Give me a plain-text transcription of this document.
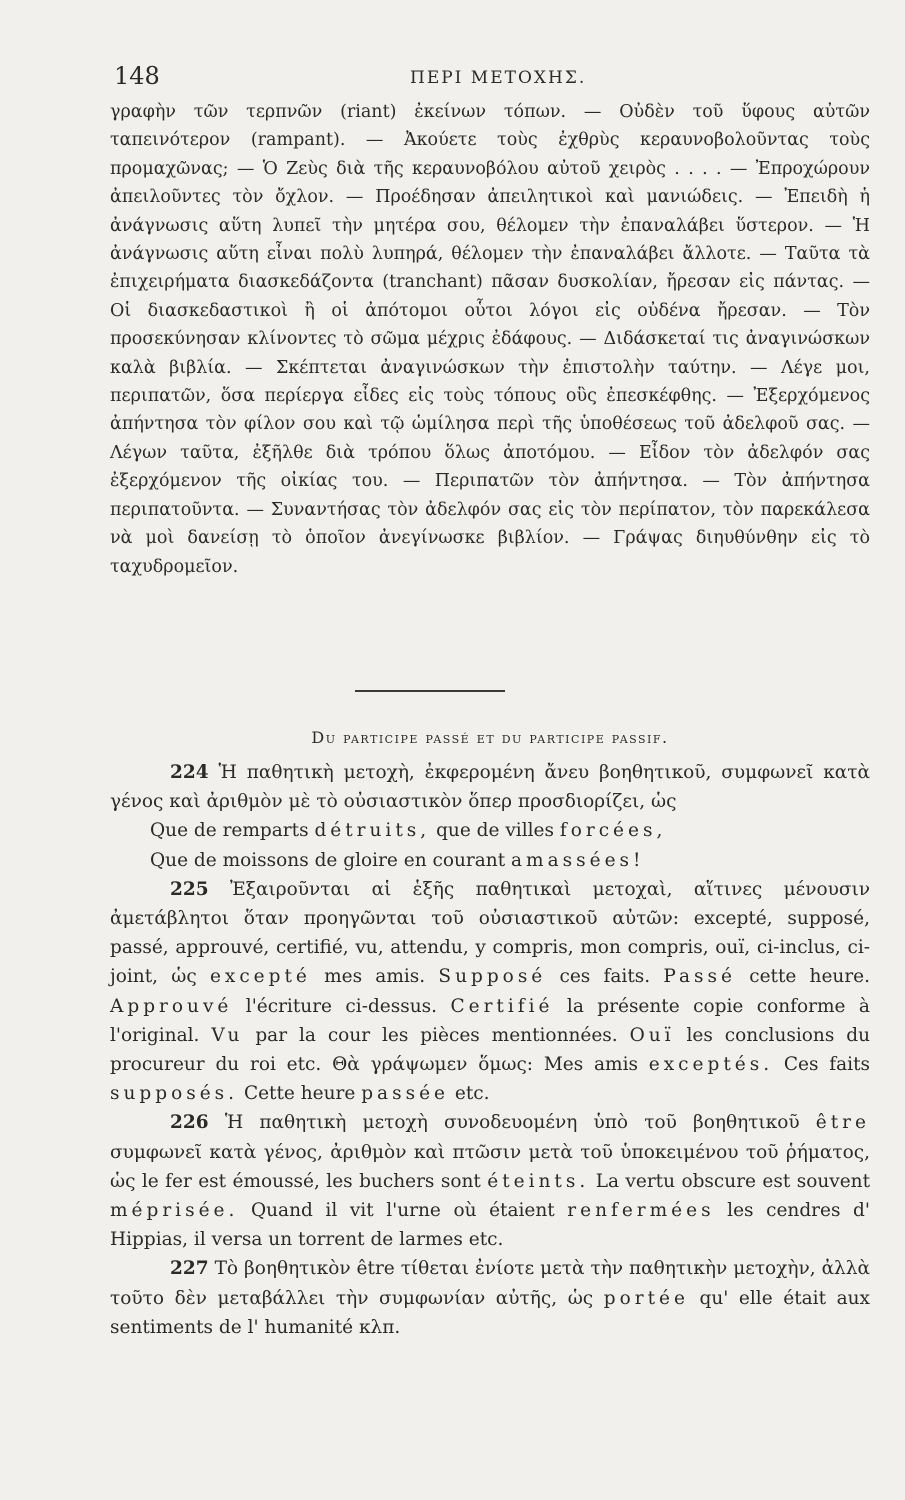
148	ΠΕΡΙ ΜΕΤΟΧΗΣ.

γραφὴν τῶν τερπνῶν (riant) ἐκείνων τόπων. — Οὐδὲν τοῦ ὕφους αὐτῶν ταπεινότερον (rampant). — Ἀκούετε τοὺς ἐχθρὺς κεραυνοβολοῦντας τοὺς προμαχῶνας; — Ὁ Ζεὺς διὰ τῆς κεραυνοβόλου αὐτοῦ χειρὸς . . . . — Ἐπροχώρουν ἀπειλοῦντες τὸν ὄχλον. — Προέδησαν ἀπειλητικοὶ καὶ μανιώδεις. — Ἐπειδὴ ἡ ἀνάγνωσις αὕτη λυπεῖ τὴν μητέρα σου, θέλομεν τὴν ἐπαναλάβει ὕστερον. — Ἡ ἀνάγνωσις αὕτη εἶναι πολὺ λυπηρά, θέλομεν τὴν ἐπαναλάβει ἄλλοτε. — Ταῦτα τὰ ἐπιχειρήματα διασκεδάζοντα (tranchant) πᾶσαν δυσκολίαν, ἤρεσαν εἰς πάντας. — Οἱ διασκεδαστικοὶ ἢ οἱ ἀπότομοι οὗτοι λόγοι εἰς οὐδένα ἤρεσαν. — Τὸν προσεκύνησαν κλίνοντες τὸ σῶμα μέχρις ἐδάφους. — Διδάσκεταί τις ἀναγινώσκων καλὰ βιβλία. — Σκέπτεται ἀναγινώσκων τὴν ἐπιστολὴν ταύτην. — Λέγε μοι, περιπατῶν, ὅσα περίεργα εἶδες εἰς τοὺς τόπους οὓς ἐπεσκέφθης. — Ἐξερχόμενος ἀπήντησα τὸν φίλον σου καὶ τῷ ὡμίλησα περὶ τῆς ὑποθέσεως τοῦ ἀδελφοῦ σας. — Λέγων ταῦτα, ἐξῆλθε διὰ τρόπου ὅλως ἀποτόμου. — Εἶδον τὸν ἀδελφόν σας ἐξερχόμενον τῆς οἰκίας του. — Περιπατῶν τὸν ἀπήντησα. — Τὸν ἀπήντησα περιπατοῦντα. — Συναντήσας τὸν ἀδελφόν σας εἰς τὸν περίπατον, τὸν παρεκάλεσα νὰ μοὶ δανείσῃ τὸ ὁποῖον ἀνεγίνωσκε βιβλίον. — Γράψας διηυθύνθην εἰς τὸ ταχυδρομεῖον.

Du participe passé et du participe passif.

224 Ἡ παθητικὴ μετοχὴ, ἐκφερομένη ἄνευ βοηθητικοῦ, συμφωνεῖ κατὰ γένος καὶ ἀριθμὸν μὲ τὸ οὐσιαστικὸν ὅπερ προσδιορίζει, ὡς

Que de remparts détruits, que de villes forcées,

Que de moissons de gloire en courant amassées!

225 Ἐξαιροῦνται αἱ ἑξῆς παθητικαὶ μετοχαὶ, αἵτινες μένουσιν ἀμετάβλητοι ὅταν προηγῶνται τοῦ οὐσιαστικοῦ αὐτῶν: excepté, supposé, passé, approuvé, certifié, vu, attendu, y compris, mon compris, ouï, ci-inclus, ci-joint, ὡς excepté mes amis. Supposé ces faits. Passé cette heure. Approuvé l'écriture ci-dessus. Certifié la présente copie conforme à l'original. Vu par la cour les pièces mentionnées. Ouï les conclusions du procureur du roi etc. Θὰ γράψωμεν ὅμως: Mes amis exceptés. Ces faits supposés. Cette heure passée etc.

226 Ἡ παθητικὴ μετοχὴ συνοδευομένη ὑπὸ τοῦ βοηθητικοῦ être συμφωνεῖ κατὰ γένος, ἀριθμὸν καὶ πτῶσιν μετὰ τοῦ ὑποκειμένου τοῦ ῥήματος, ὡς le fer est émoussé, les buchers sont éteints. La vertu obscure est souvent méprisée. Quand il vit l'urne où étaient renfermées les cendres d' Hippias, il versa un torrent de larmes etc.

227 Τὸ βοηθητικὸν être τίθεται ἐνίοτε μετὰ τὴν παθητικὴν μετοχὴν, ἀλλὰ τοῦτο δὲν μεταβάλλει τὴν συμφωνίαν αὐτῆς, ὡς portée qu' elle était aux sentiments de l' humanité κλπ.
